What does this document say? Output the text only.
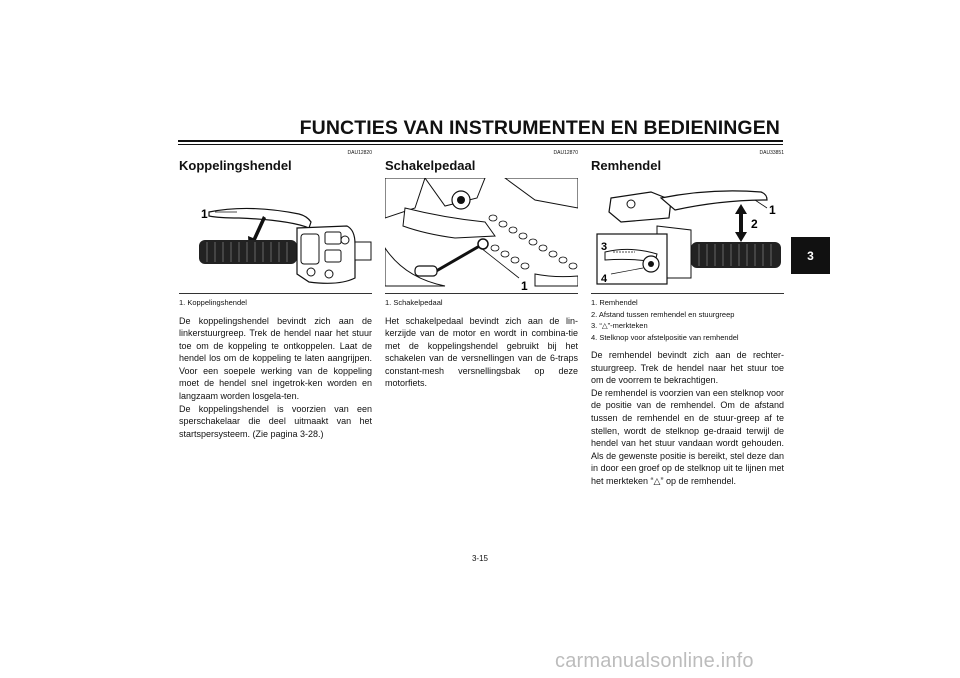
FUNCTIES VAN INSTRUMENTEN EN BEDIENINGEN
3
DAU12820
Koppelingshendel
1
1. Koppelingshendel
De koppelingshendel bevindt zich aan de linkerstuurgreep. Trek de hendel naar het stuur toe om de koppeling te ontkoppelen. Laat de hendel los om de koppeling te laten aangrijpen. Voor een soepele werking van de koppeling moet de hendel snel ingetrok-ken worden en langzaam worden losgela-ten.
De koppelingshendel is voorzien van een sperschakelaar die deel uitmaakt van het startspersysteem. (Zie pagina 3-28.)
DAU12870
Schakelpedaal
1
1. Schakelpedaal
Het schakelpedaal bevindt zich aan de lin-kerzijde van de motor en wordt in combina-tie met de koppelingshendel gebruikt bij het schakelen van de versnellingen van de 6-traps constant-mesh versnellingsbak op deze motorfiets.
DAU33851
Remhendel
1
2
3
4
1. Remhendel
2. Afstand tussen remhendel en stuurgreep
3. “△”-merkteken
4. Stelknop voor afstelpositie van remhendel
De remhendel bevindt zich aan de rechter-stuurgreep. Trek de hendel naar het stuur toe om de voorrem te bekrachtigen.
De remhendel is voorzien van een stelknop voor de positie van de remhendel. Om de afstand tussen de remhendel en de stuur-greep af te stellen, wordt de stelknop ge-draaid terwijl de hendel van het stuur vandaan wordt gehouden. Als de gewenste positie is bereikt, stel deze dan in door een groef op de stelknop uit te lijnen met het merkteken “△” op de remhendel.
3-15
carmanualsonline.info
